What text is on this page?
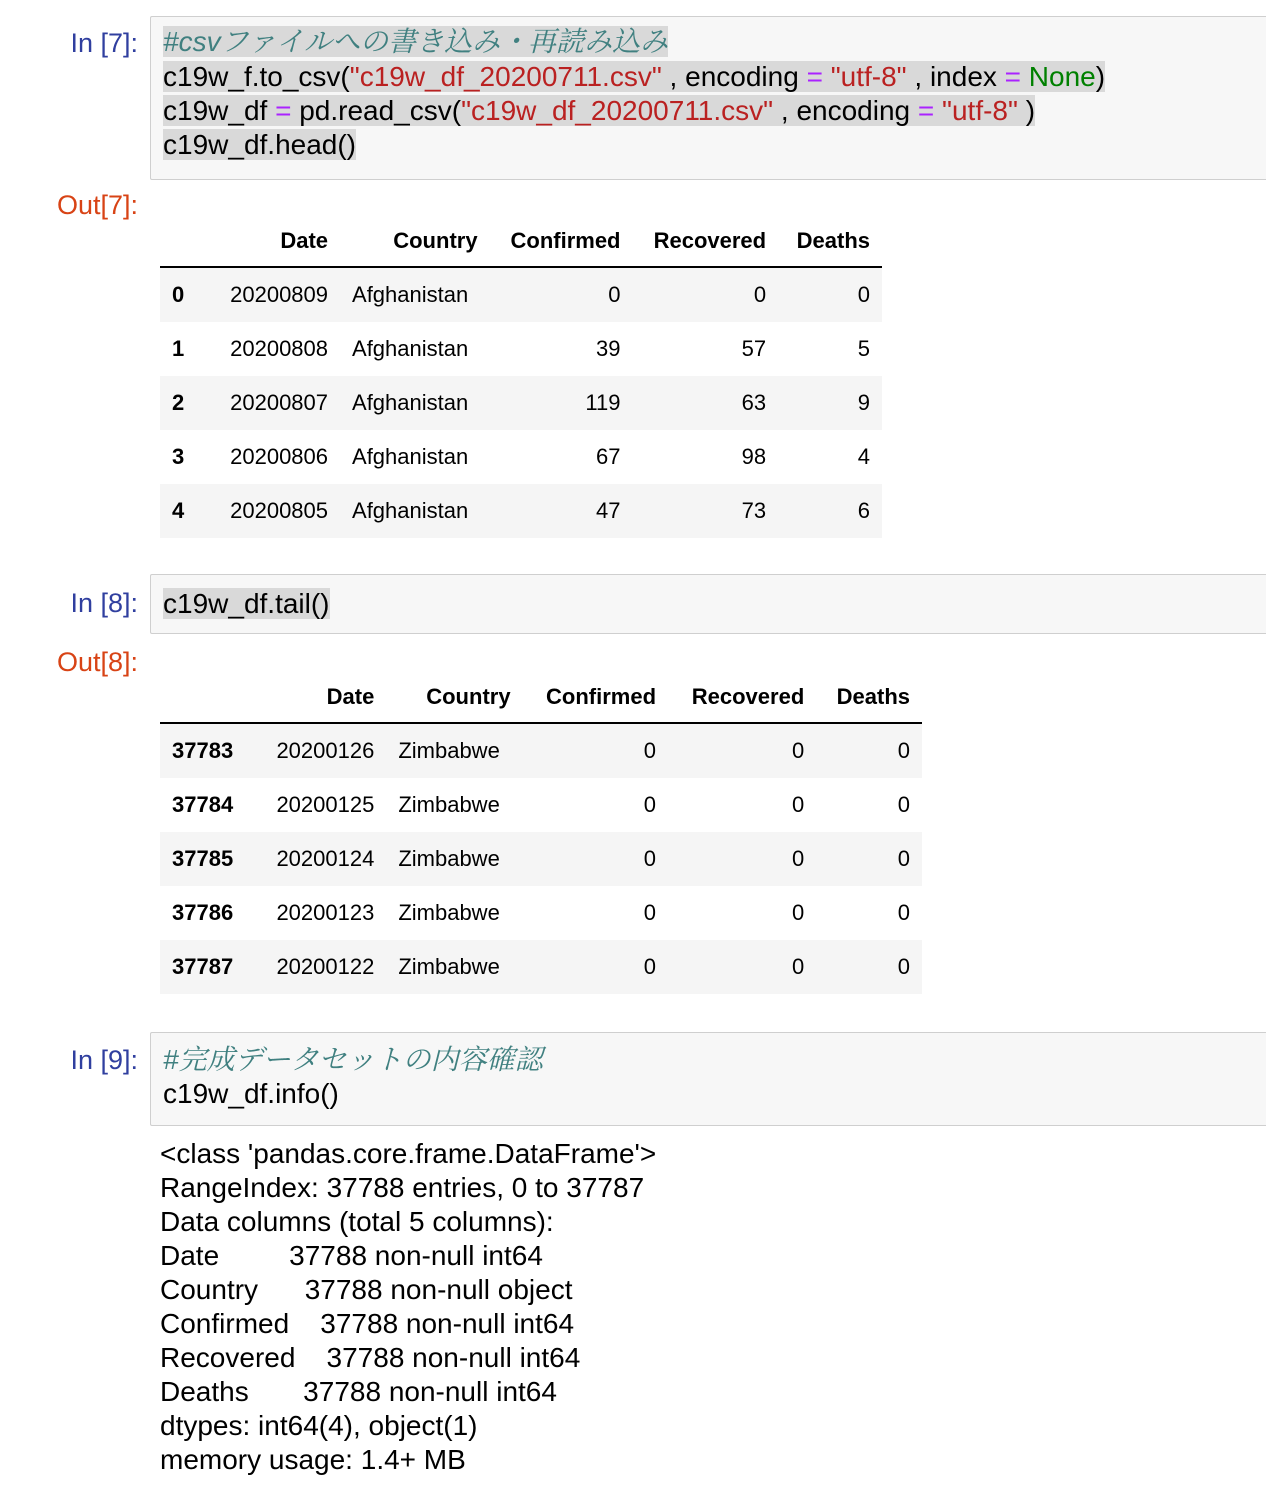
In [7]: #csvファイルへの書き込み・再読み込み
c19w_f.to_csv("c19w_df_20200711.csv" , encoding = "utf-8" , index = None)
c19w_df = pd.read_csv("c19w_df_20200711.csv" , encoding = "utf-8" )
c19w_df.head()
Out[7]:
	Date	Country	Confirmed	Recovered	Deaths
0	20200809	Afghanistan	0	0	0
1	20200808	Afghanistan	39	57	5
2	20200807	Afghanistan	119	63	9
3	20200806	Afghanistan	67	98	4
4	20200805	Afghanistan	47	73	6
In [8]: c19w_df.tail()
Out[8]:
	Date	Country	Confirmed	Recovered	Deaths
37783	20200126	Zimbabwe	0	0	0
37784	20200125	Zimbabwe	0	0	0
37785	20200124	Zimbabwe	0	0	0
37786	20200123	Zimbabwe	0	0	0
37787	20200122	Zimbabwe	0	0	0
In [9]: #完成データセットの内容確認
c19w_df.info()
<class 'pandas.core.frame.DataFrame'>
RangeIndex: 37788 entries, 0 to 37787
Data columns (total 5 columns):
Date         37788 non-null int64
Country      37788 non-null object
Confirmed    37788 non-null int64
Recovered    37788 non-null int64
Deaths       37788 non-null int64
dtypes: int64(4), object(1)
memory usage: 1.4+ MB
